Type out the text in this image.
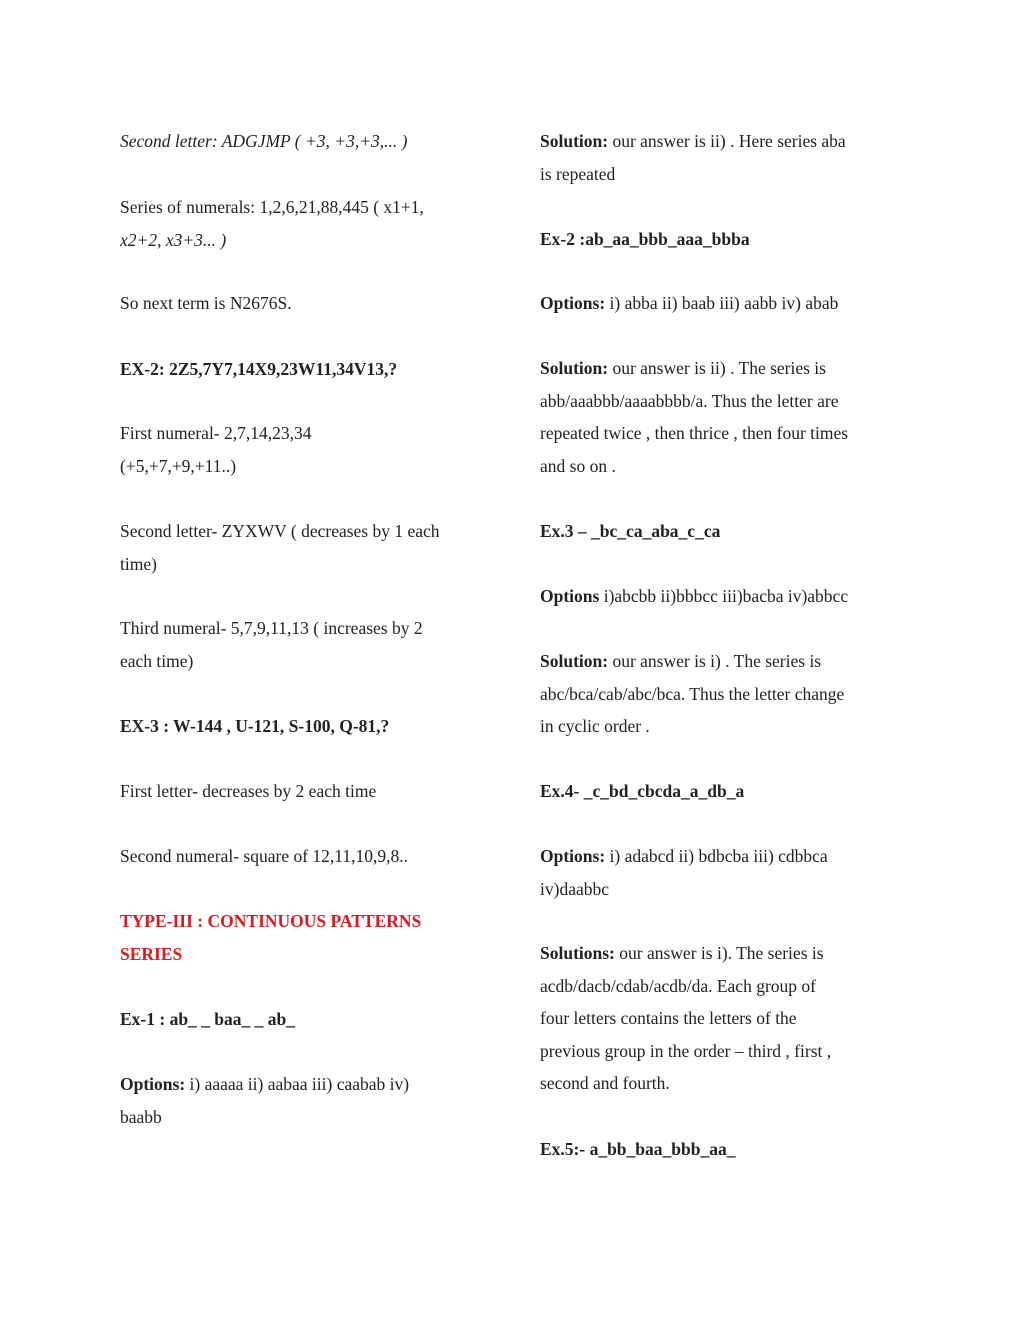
Second letter: ADGJMP ( +3, +3,+3,... )
Series of numerals: 1,2,6,21,88,445 ( x1+1,
x2+2, x3+3... )
So next term is N2676S.
EX-2: 2Z5,7Y7,14X9,23W11,34V13,?
First numeral- 2,7,14,23,34
(+5,+7,+9,+11..)
Second letter- ZYXWV ( decreases by 1 each
time)
Third numeral- 5,7,9,11,13 ( increases by 2
each time)
EX-3 : W-144 , U-121, S-100, Q-81,?
First letter- decreases by 2 each time
Second numeral- square of 12,11,10,9,8..
TYPE-III : CONTINUOUS PATTERNS
SERIES
Ex-1 : ab_ _ baa_ _ ab_
Options: i) aaaaa ii) aabaa iii) caabab iv)
baabb
Solution: our answer is ii) . Here series aba
is repeated
Ex-2 :ab_aa_bbb_aaa_bbba
Options: i) abba ii) baab iii) aabb iv) abab
Solution: our answer is ii) . The series is
abb/aaabbb/aaaabbbb/a. Thus the letter are
repeated twice , then thrice , then four times
and so on .
Ex.3 – _bc_ca_aba_c_ca
Options i)abcbb ii)bbbcc iii)bacba iv)abbcc
Solution: our answer is i) . The series is
abc/bca/cab/abc/bca. Thus the letter change
in cyclic order .
Ex.4- _c_bd_cbcda_a_db_a
Options: i) adabcd ii) bdbcba iii) cdbbca
iv)daabbc
Solutions: our answer is i). The series is
acdb/dacb/cdab/acdb/da. Each group of
four letters contains the letters of the
previous group in the order – third , first ,
second and fourth.
Ex.5:- a_bb_baa_bbb_aa_
